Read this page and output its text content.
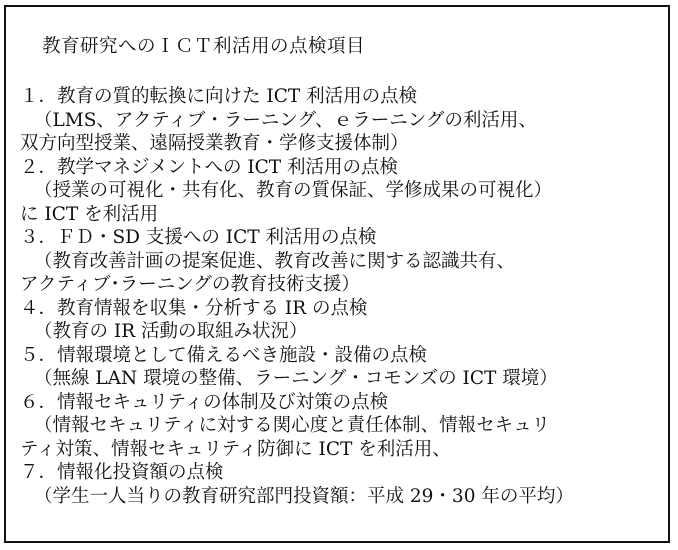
教育研究へのＩＣＴ利活用の点検項目
１．教育の質的転換に向けた ICT 利活用の点検
（LMS、アクティブ・ラーニング、ｅラーニングの利活用、
双方向型授業、遠隔授業教育・学修支援体制）
２．教学マネジメントへの ICT 利活用の点検
（授業の可視化・共有化、教育の質保証、学修成果の可視化）
に ICT を利活用
３．ＦＤ・SD 支援への ICT 利活用の点検
（教育改善計画の提案促進、教育改善に関する認識共有、
アクティブ･ラーニングの教育技術支援）
４．教育情報を収集・分析する IR の点検
（教育の IR 活動の取組み状況）
５．情報環境として備えるべき施設・設備の点検
（無線 LAN 環境の整備、ラーニング・コモンズの ICT 環境）
６．情報セキュリティの体制及び対策の点検
（情報セキュリティに対する関心度と責任体制、情報セキュリ
ティ対策、情報セキュリティ防御に ICT を利活用、
７．情報化投資額の点検
（学生一人当りの教育研究部門投資額：平成 29・30 年の平均）
